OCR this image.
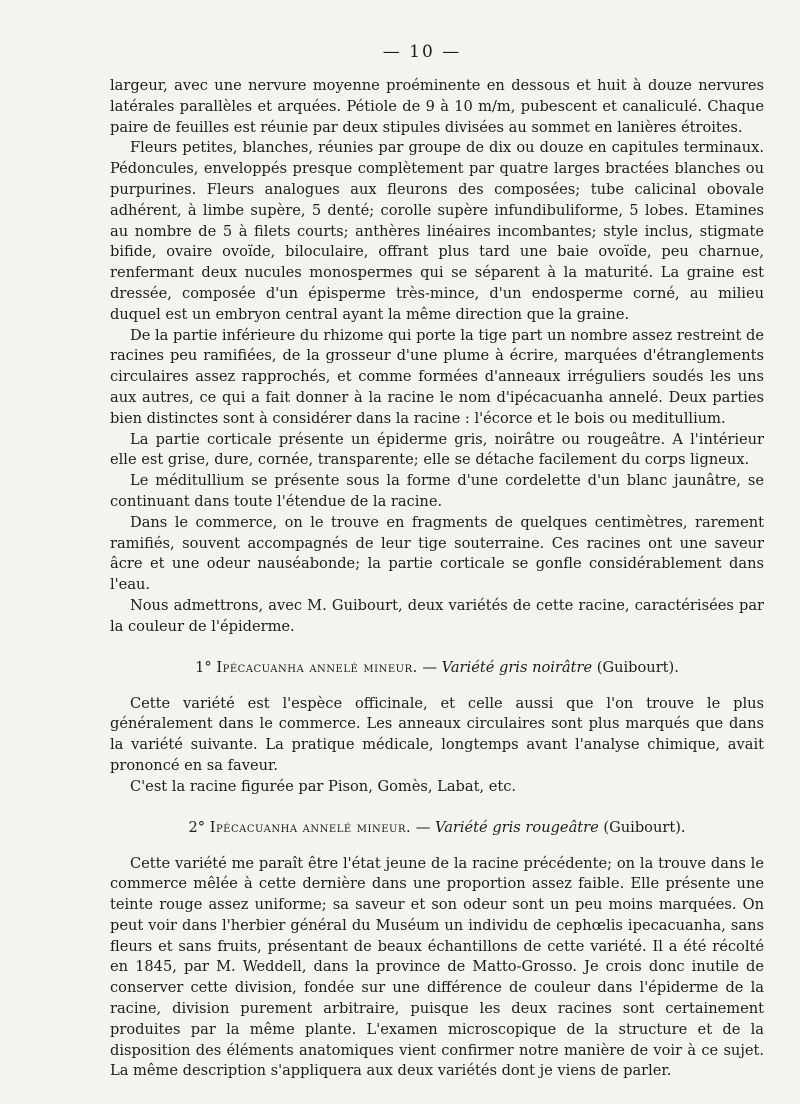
— 10 —

largeur, avec une nervure moyenne proéminente en dessous et huit à douze nervures latérales parallèles et arquées. Pétiole de 9 à 10 m/m, pubescent et canaliculé. Chaque paire de feuilles est réunie par deux stipules divisées au sommet en lanières étroites.

Fleurs petites, blanches, réunies par groupe de dix ou douze en capitules terminaux. Pédoncules, enveloppés presque complètement par quatre larges bractées blanches ou purpurines. Fleurs analogues aux fleurons des composées; tube calicinal obovale adhérent, à limbe supère, 5 denté; corolle supère infundibuliforme, 5 lobes. Etamines au nombre de 5 à filets courts; anthères linéaires incombantes; style inclus, stigmate bifide, ovaire ovoïde, biloculaire, offrant plus tard une baie ovoïde, peu charnue, renfermant deux nucules monospermes qui se séparent à la maturité. La graine est dressée, composée d'un épisperme très-mince, d'un endosperme corné, au milieu duquel est un embryon central ayant la même direction que la graine.

De la partie inférieure du rhizome qui porte la tige part un nombre assez restreint de racines peu ramifiées, de la grosseur d'une plume à écrire, marquées d'étranglements circulaires assez rapprochés, et comme formées d'anneaux irréguliers soudés les uns aux autres, ce qui a fait donner à la racine le nom d'ipécacuanha annelé. Deux parties bien distinctes sont à considérer dans la racine : l'écorce et le bois ou meditullium.

La partie corticale présente un épiderme gris, noirâtre ou rougeâtre. A l'intérieur elle est grise, dure, cornée, transparente; elle se détache facilement du corps ligneux.

Le méditullium se présente sous la forme d'une cordelette d'un blanc jaunâtre, se continuant dans toute l'étendue de la racine.

Dans le commerce, on le trouve en fragments de quelques centimètres, rarement ramifiés, souvent accompagnés de leur tige souterraine. Ces racines ont une saveur âcre et une odeur nauséabonde; la partie corticale se gonfle considérablement dans l'eau.

Nous admettrons, avec M. Guibourt, deux variétés de cette racine, caractérisées par la couleur de l'épiderme.

1° Ipécacuanha annelé mineur. — Variété gris noirâtre (Guibourt).

Cette variété est l'espèce officinale, et celle aussi que l'on trouve le plus généralement dans le commerce. Les anneaux circulaires sont plus marqués que dans la variété suivante. La pratique médicale, longtemps avant l'analyse chimique, avait prononcé en sa faveur.

C'est la racine figurée par Pison, Gomès, Labat, etc.

2° Ipécacuanha annelé mineur. — Variété gris rougeâtre (Guibourt).

Cette variété me paraît être l'état jeune de la racine précédente; on la trouve dans le commerce mêlée à cette dernière dans une proportion assez faible. Elle présente une teinte rouge assez uniforme; sa saveur et son odeur sont un peu moins marquées. On peut voir dans l'herbier général du Muséum un individu de cephœlis ipecacuanha, sans fleurs et sans fruits, présentant de beaux échantillons de cette variété. Il a été récolté en 1845, par M. Weddell, dans la province de Matto-Grosso. Je crois donc inutile de conserver cette division, fondée sur une différence de couleur dans l'épiderme de la racine, division purement arbitraire, puisque les deux racines sont certainement produites par la même plante. L'examen microscopique de la structure et de la disposition des éléments anatomiques vient confirmer notre manière de voir à ce sujet. La même description s'appliquera aux deux variétés dont je viens de parler.
